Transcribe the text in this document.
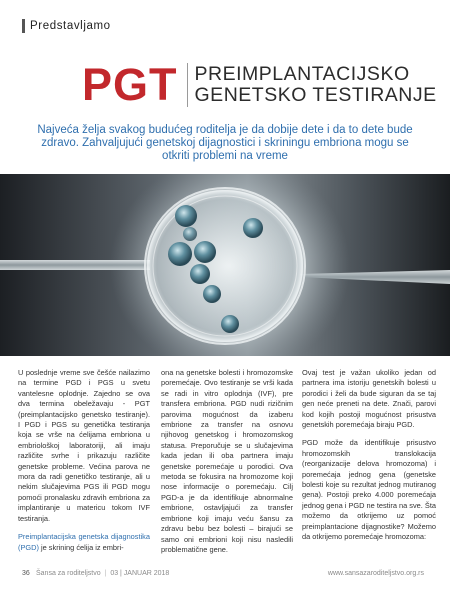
Predstavljamo
PGT PREIMPLANTACIJSKO
GENETSKO TESTIRANJE
Najveća želja svakog budućeg roditelja je da dobije dete i da to dete bude zdravo. Zahvaljujući genetskoj dijagnostici i skriningu embriona mogu se otkriti problemi na vreme

U poslednje vreme sve češće nailazimo na termine PGD i PGS u svetu vantelesne oplodnje. Zajedno se ova dva termina obeležavaju - PGT (preimplantacijsko genetsko testiranje). I PGD i PGS su genetička testiranja koja se vrše na ćelijama embriona u embriološkoj laboratoriji, ali imaju različite svrhe i prikazuju različite genetske probleme. Većina parova ne mora da radi genetičko testiranje, ali u nekim slučajevima PGS ili PGD mogu pomoći pronalasku zdravih embriona za implantiranje u matericu tokom IVF testiranja.

Preimplantacijska genetska dijagnostika (PGD) je skrining ćelija iz embri-

ona na genetske bolesti i hromozomske poremećaje. Ovo testiranje se vrši kada se radi in vitro oplodnja (IVF), pre transfera embriona. PGD nudi rizičnim parovima mogućnost da izaberu embrione za transfer na osnovu njihovog genetskog i hromozomskog statusa. Preporučuje se u slučajevima kada jedan ili oba partnera imaju genetske poremećaje u porodici. Ova metoda se fokusira na hromozome koji nose informacije o poremećaju. Cilj PGD-a je da identifikuje abnormalne embrione, ostavljajući za transfer embrione koji imaju veću šansu za zdravu bebu bez bolesti – birajući se samo oni embrioni koji nisu nasledili problematične gene.

Ovaj test je važan ukoliko jedan od partnera ima istoriju genetskih bolesti u porodici i želi da bude siguran da se taj gen neće preneti na dete. Znači, parovi kod kojih postoji mogućnost prisustva genetskih poremećaja biraju PGD.

PGD može da identifikuje prisustvo hromozomskih translokacija (reorganizacije delova hromozoma) i poremećaja jednog gena (genetske bolesti koje su rezultat jednog mutiranog gena). Postoji preko 4.000 poremećaja jednog gena i PGD ne testira na sve. Šta možemo da otkrijemo uz pomoć preimplantacione dijagnostike? Možemo da otkrijemo poremećaje hromozoma:

36 Šansa za roditeljstvo | 03 | JANUAR 2018	www.sansazaroditeljstvo.org.rs
